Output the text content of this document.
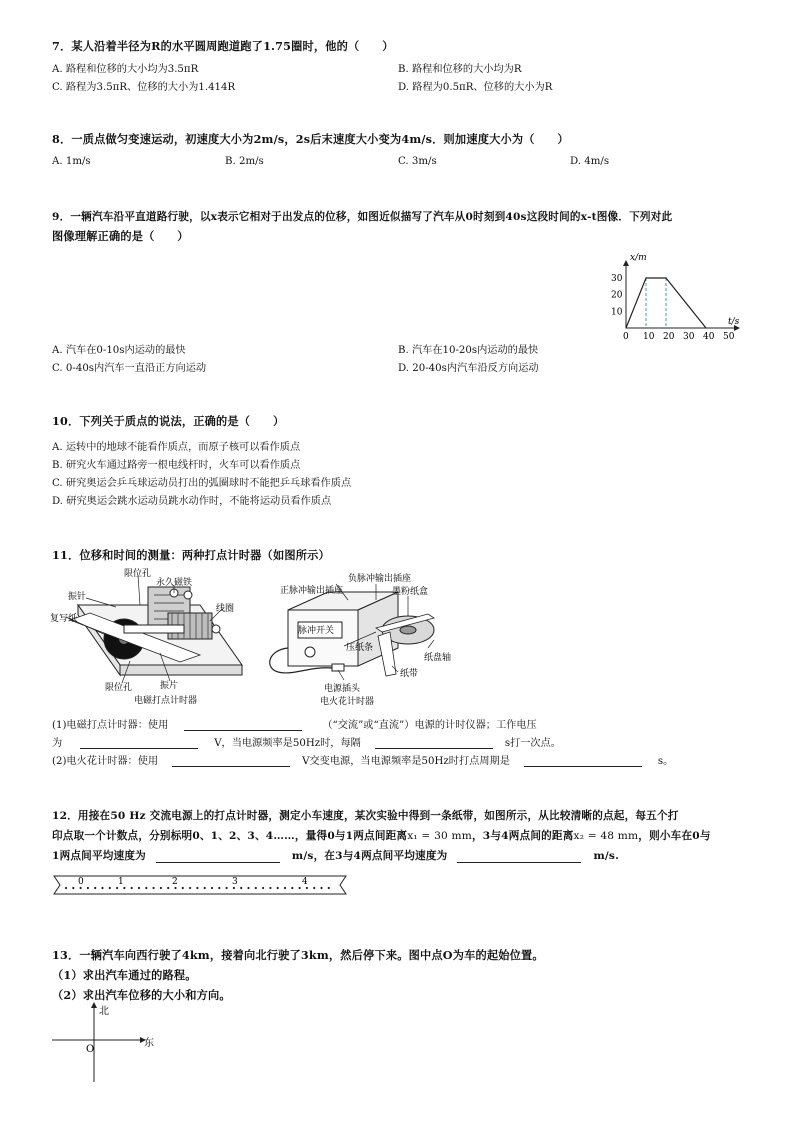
7．某人沿着半径为R的水平圆周跑道跑了1.75圈时，他的（　　）
A. 路程和位移的大小均为3.5πR	B. 路程和位移的大小均为R
C. 路程为3.5πR、位移的大小为1.414R	D. 路程为0.5πR、位移的大小为R
8．一质点做匀变速运动，初速度大小为2m/s，2s后末速度大小变为4m/s．则加速度大小为（　　）
A. 1m/s	B. 2m/s	C. 3m/s	D. 4m/s
9．一辆汽车沿平直道路行驶，以x表示它相对于出发点的位移，如图近似描写了汽车从0时刻到40s这段时间的x-t图像．下列对此
图像理解正确的是（　　）
0 10 20 30 40 50
10
20
30
x/m
t/s
A. 汽车在0-10s内运动的最快	B. 汽车在10-20s内运动的最快
C. 0-40s内汽车一直沿正方向运动	D. 20-40s内汽车沿反方向运动
10．下列关于质点的说法，正确的是（　　）
A. 运转中的地球不能看作质点，而原子核可以看作质点
B. 研究火车通过路旁一根电线杆时，火车可以看作质点
C. 研究奥运会乒乓球运动员打出的弧圈球时不能把乒乓球看作质点
D. 研究奥运会跳水运动员跳水动作时，不能将运动员看作质点
11．位移和时间的测量：两种打点计时器（如图所示）
限位孔
永久磁铁
振针
线圈
复写纸
振片
限位孔
电磁打点计时器
负脉冲输出插座
正脉冲输出插座	墨粉纸盒
脉冲开关
压纸条
纸盘轴
纸带
电源插头
电火花计时器
(1)电磁打点计时器：使用	（“交流”或“直流”）电源的计时仪器；工作电压
为	V，当电源频率是50Hz时，每隔	s打一次点。
(2)电火花计时器：使用	V交变电源，当电源频率是50Hz时打点周期是	s。
12．用接在50 Hz 交流电源上的打点计时器，测定小车速度，某次实验中得到一条纸带，如图所示，从比较清晰的点起，每五个打
印点取一个计数点，分别标明0、1、2、3、4……，量得0与1两点间距离x₁ = 30 mm，3与4两点间的距离x₂ = 48 mm，则小车在0与
1两点间平均速度为	m/s，在3与4两点间平均速度为	m/s.
0	1	2	3	4
13．一辆汽车向西行驶了4km，接着向北行驶了3km，然后停下来。图中点O为车的起始位置。
（1）求出汽车通过的路程。
（2）求出汽车位移的大小和方向。
北
东
O
